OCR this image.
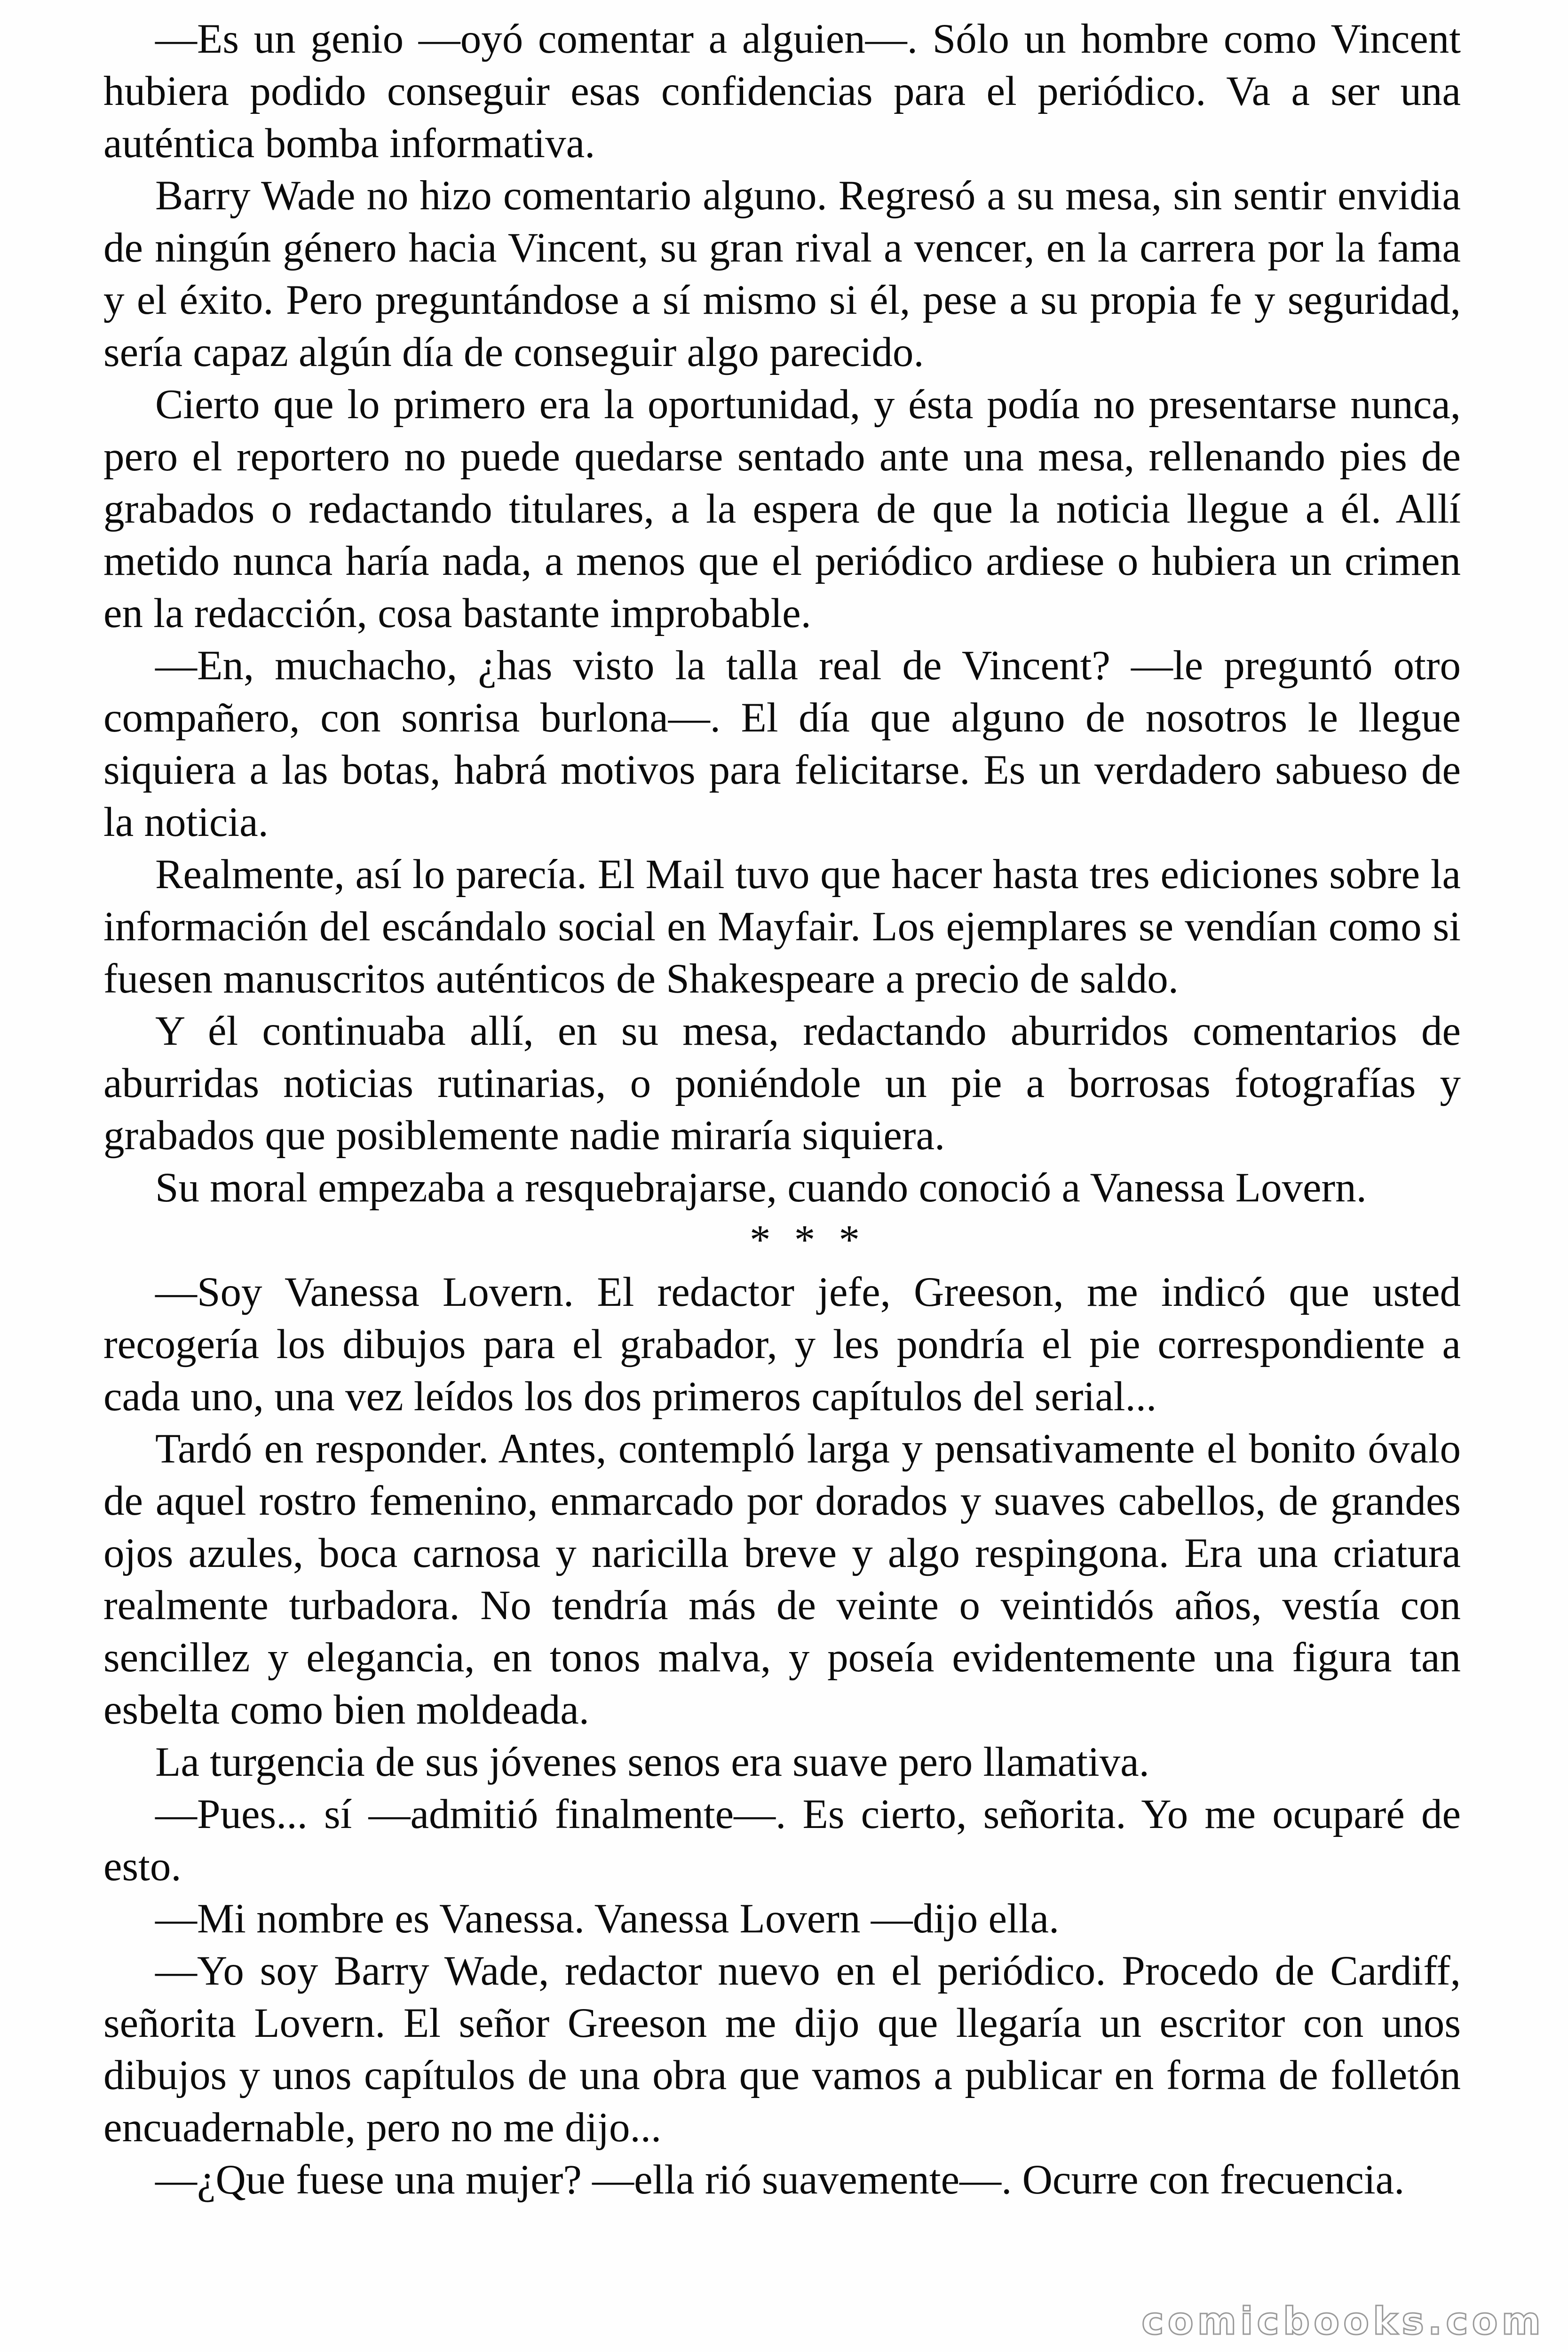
—Es un genio —oyó comentar a alguien—. Sólo un hombre como Vincent hubiera podido conseguir esas confidencias para el periódico. Va a ser una auténtica bomba informativa.

Barry Wade no hizo comentario alguno. Regresó a su mesa, sin sentir envidia de ningún género hacia Vincent, su gran rival a vencer, en la carrera por la fama y el éxito. Pero preguntándose a sí mismo si él, pese a su propia fe y seguridad, sería capaz algún día de conseguir algo parecido.

Cierto que lo primero era la oportunidad, y ésta podía no presentarse nunca, pero el reportero no puede quedarse sentado ante una mesa, rellenando pies de grabados o redactando titulares, a la espera de que la noticia llegue a él. Allí metido nunca haría nada, a menos que el periódico ardiese o hubiera un crimen en la redacción, cosa bastante improbable.

—En, muchacho, ¿has visto la talla real de Vincent? —le preguntó otro compañero, con sonrisa burlona—. El día que alguno de nosotros le llegue siquiera a las botas, habrá motivos para felicitarse. Es un verdadero sabueso de la noticia.

Realmente, así lo parecía. El Mail tuvo que hacer hasta tres ediciones sobre la información del escándalo social en Mayfair. Los ejemplares se vendían como si fuesen manuscritos auténticos de Shakespeare a precio de saldo.

Y él continuaba allí, en su mesa, redactando aburridos comentarios de aburridas noticias rutinarias, o poniéndole un pie a borrosas fotografías y grabados que posiblemente nadie miraría siquiera.

Su moral empezaba a resquebrajarse, cuando conoció a Vanessa Lovern.

* * *

—Soy Vanessa Lovern. El redactor jefe, Greeson, me indicó que usted recogería los dibujos para el grabador, y les pondría el pie correspondiente a cada uno, una vez leídos los dos primeros capítulos del serial...

Tardó en responder. Antes, contempló larga y pensativamente el bonito óvalo de aquel rostro femenino, enmarcado por dorados y suaves cabellos, de grandes ojos azules, boca carnosa y naricilla breve y algo respingona. Era una criatura realmente turbadora. No tendría más de veinte o veintidós años, vestía con sencillez y elegancia, en tonos malva, y poseía evidentemente una figura tan esbelta como bien moldeada.

La turgencia de sus jóvenes senos era suave pero llamativa.

—Pues... sí —admitió finalmente—. Es cierto, señorita. Yo me ocuparé de esto.

—Mi nombre es Vanessa. Vanessa Lovern —dijo ella.

—Yo soy Barry Wade, redactor nuevo en el periódico. Procedo de Cardiff, señorita Lovern. El señor Greeson me dijo que llegaría un escritor con unos dibujos y unos capítulos de una obra que vamos a publicar en forma de folletón encuadernable, pero no me dijo...

—¿Que fuese una mujer? —ella rió suavemente—. Ocurre con frecuencia.

comicbooks.com
